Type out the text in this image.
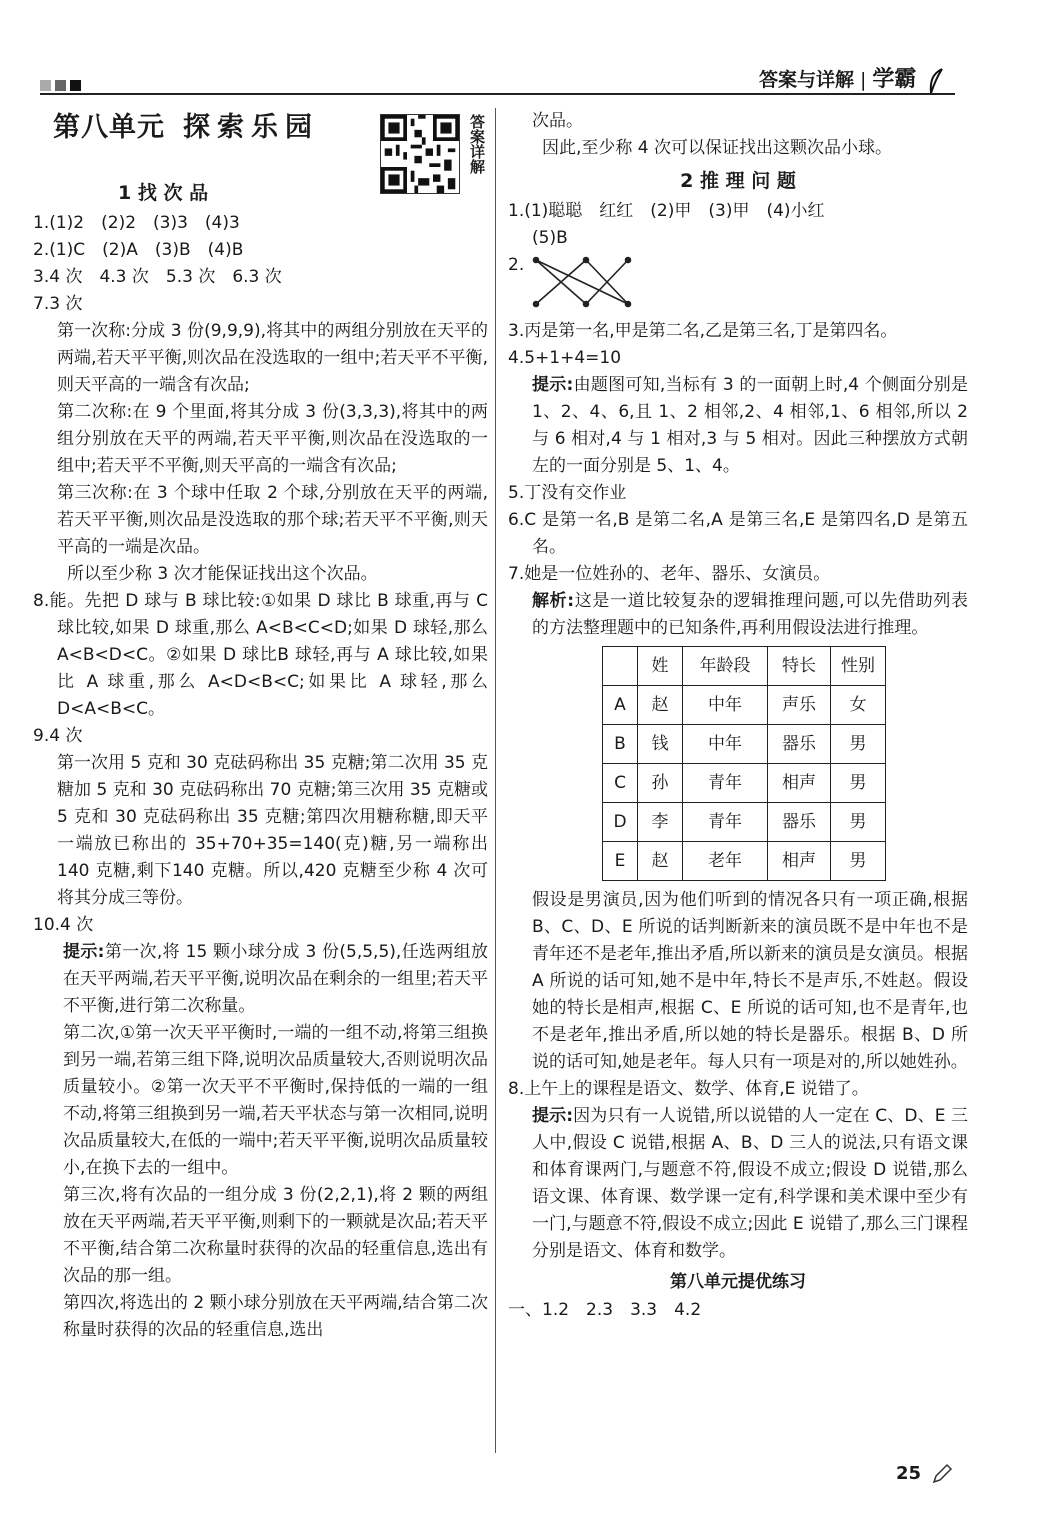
答案与详解 | 学霸
第八单元 探索乐园	答案详解
1 找 次 品

1.(1)2　(2)2　(3)3　(4)3

2.(1)C　(2)A　(3)B　(4)B

3.4 次　4.3 次　5.3 次　6.3 次

7.3 次

第一次称:分成 3 份(9,9,9),将其中的两组分别放在天平的两端,若天平平衡,则次品在没选取的一组中;若天平不平衡,则天平高的一端含有次品;

第二次称:在 9 个里面,将其分成 3 份(3,3,3),将其中的两组分别放在天平的两端,若天平平衡,则次品在没选取的一组中;若天平不平衡,则天平高的一端含有次品;

第三次称:在 3 个球中任取 2 个球,分别放在天平的两端,若天平平衡,则次品是没选取的那个球;若天平不平衡,则天平高的一端是次品。

所以至少称 3 次才能保证找出这个次品。

8.能。先把 D 球与 B 球比较:①如果 D 球比 B 球重,再与 C 球比较,如果 D 球重,那么 A<B<C<D;如果 D 球轻,那么 A<B<D<C。②如果 D 球比B 球轻,再与 A 球比较,如果比 A 球重,那么 A<D<B<C;如果比 A 球轻,那么 D<A<B<C。

9.4 次

第一次用 5 克和 30 克砝码称出 35 克糖;第二次用 35 克糖加 5 克和 30 克砝码称出 70 克糖;第三次用 35 克糖或 5 克和 30 克砝码称出 35 克糖;第四次用糖称糖,即天平一端放已称出的 35+70+35=140(克)糖,另一端称出 140 克糖,剩下140 克糖。所以,420 克糖至少称 4 次可将其分成三等份。

10.4 次

提示:第一次,将 15 颗小球分成 3 份(5,5,5),任选两组放在天平两端,若天平平衡,说明次品在剩余的一组里;若天平不平衡,进行第二次称量。

第二次,①第一次天平平衡时,一端的一组不动,将第三组换到另一端,若第三组下降,说明次品质量较大,否则说明次品质量较小。②第一次天平不平衡时,保持低的一端的一组不动,将第三组换到另一端,若天平状态与第一次相同,说明次品质量较大,在低的一端中;若天平平衡,说明次品质量较小,在换下去的一组中。

第三次,将有次品的一组分成 3 份(2,2,1),将 2 颗的两组放在天平两端,若天平平衡,则剩下的一颗就是次品;若天平不平衡,结合第二次称量时获得的次品的轻重信息,选出有次品的那一组。

第四次,将选出的 2 颗小球分别放在天平两端,结合第二次称量时获得的次品的轻重信息,选出

次品。

因此,至少称 4 次可以保证找出这颗次品小球。

2 推 理 问 题

1.(1)聪聪　红红　(2)甲　(3)甲　(4)小红

(5)B

2.

3.丙是第一名,甲是第二名,乙是第三名,丁是第四名。

4.5+1+4=10

提示:由题图可知,当标有 3 的一面朝上时,4 个侧面分别是 1、2、4、6,且 1、2 相邻,2、4 相邻,1、6 相邻,所以 2 与 6 相对,4 与 1 相对,3 与 5 相对。因此三种摆放方式朝左的一面分别是 5、1、4。

5.丁没有交作业

6.C 是第一名,B 是第二名,A 是第三名,E 是第四名,D 是第五名。

7.她是一位姓孙的、老年、器乐、女演员。

解析:这是一道比较复杂的逻辑推理问题,可以先借助列表的方法整理题中的已知条件,再利用假设法进行推理。

	姓	年龄段	特长	性别
A	赵	中年	声乐	女
B	钱	中年	器乐	男
C	孙	青年	相声	男
D	李	青年	器乐	男
E	赵	老年	相声	男

假设是男演员,因为他们听到的情况各只有一项正确,根据 B、C、D、E 所说的话判断新来的演员既不是中年也不是青年还不是老年,推出矛盾,所以新来的演员是女演员。根据 A 所说的话可知,她不是中年,特长不是声乐,不姓赵。假设她的特长是相声,根据 C、E 所说的话可知,也不是青年,也不是老年,推出矛盾,所以她的特长是器乐。根据 B、D 所说的话可知,她是老年。每人只有一项是对的,所以她姓孙。

8.上午上的课程是语文、数学、体育,E 说错了。

提示:因为只有一人说错,所以说错的人一定在 C、D、E 三人中,假设 C 说错,根据 A、B、D 三人的说法,只有语文课和体育课两门,与题意不符,假设不成立;假设 D 说错,那么语文课、体育课、数学课一定有,科学课和美术课中至少有一门,与题意不符,假设不成立;因此 E 说错了,那么三门课程分别是语文、体育和数学。

第八单元提优练习

一、1.2　2.3　3.3　4.2

25
